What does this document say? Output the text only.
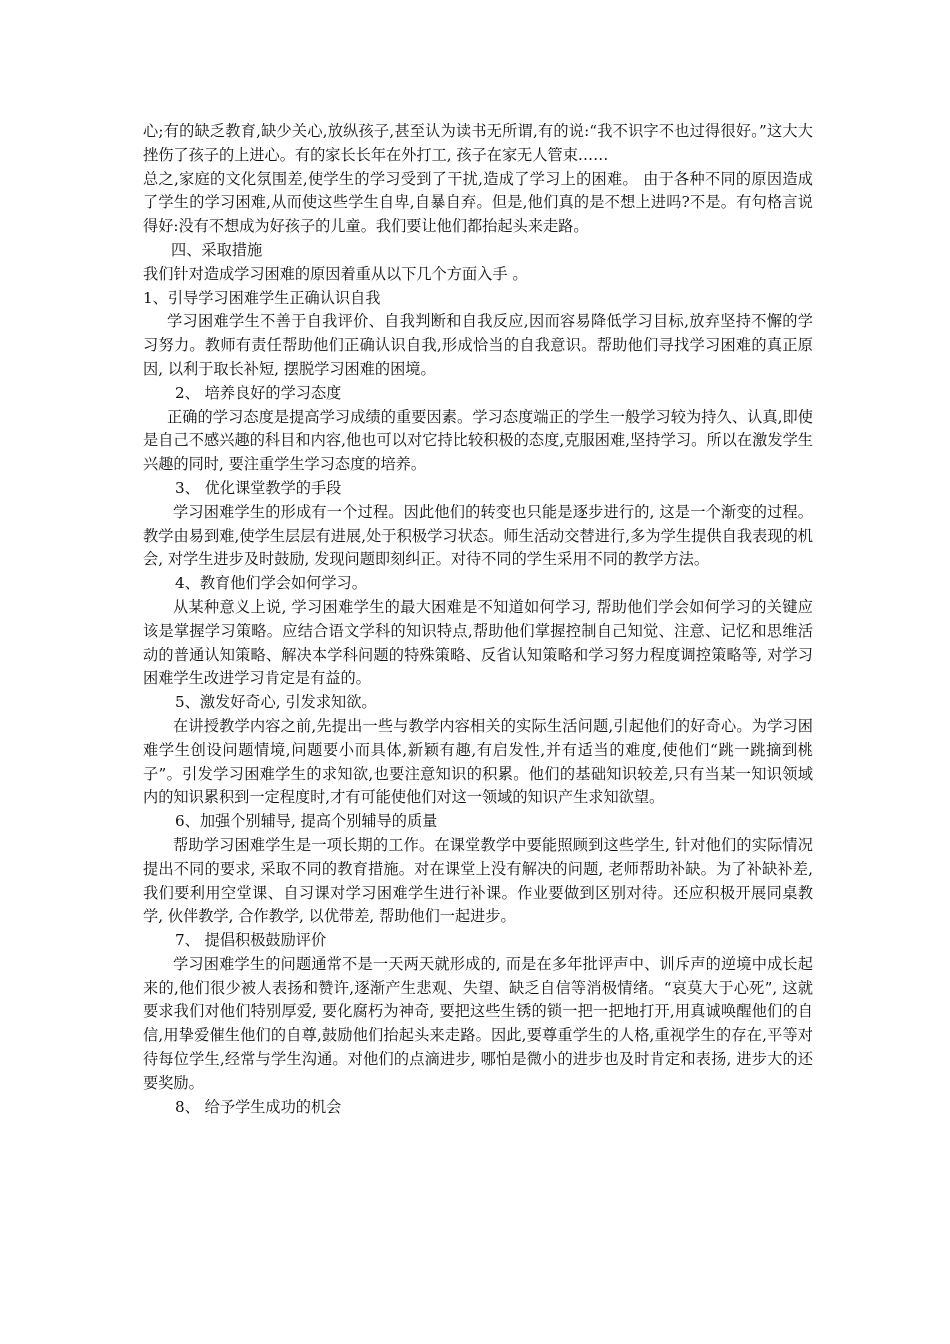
心;有的缺乏教育,缺少关心,放纵孩子,甚至认为读书无所谓,有的说:“我不识字不也过得很好。”这大大挫伤了孩子的上进心。有的家长长年在外打工, 孩子在家无人管束……

总之,家庭的文化氛围差,使学生的学习受到了干扰,造成了学习上的困难。 由于各种不同的原因造成了学生的学习困难,从而使这些学生自卑,自暴自弃。但是,他们真的是不想上进吗?不是。有句格言说得好:没有不想成为好孩子的儿童。我们要让他们都抬起头来走路。

四、采取措施

我们针对造成学习困难的原因着重从以下几个方面入手 。

1、引导学习困难学生正确认识自我

学习困难学生不善于自我评价、自我判断和自我反应,因而容易降低学习目标,放弃坚持不懈的学习努力。教师有责任帮助他们正确认识自我,形成恰当的自我意识。帮助他们寻找学习困难的真正原因, 以利于取长补短, 摆脱学习困难的困境。

2、 培养良好的学习态度

正确的学习态度是提高学习成绩的重要因素。学习态度端正的学生一般学习较为持久、认真,即使是自己不感兴趣的科目和内容,他也可以对它持比较积极的态度,克服困难,坚持学习。所以在激发学生兴趣的同时, 要注重学生学习态度的培养。

3、 优化课堂教学的手段

学习困难学生的形成有一个过程。因此他们的转变也只能是逐步进行的, 这是一个渐变的过程。教学由易到难,使学生层层有进展,处于积极学习状态。师生活动交替进行,多为学生提供自我表现的机会, 对学生进步及时鼓励, 发现问题即刻纠正。对待不同的学生采用不同的教学方法。

4、教育他们学会如何学习。

从某种意义上说, 学习困难学生的最大困难是不知道如何学习, 帮助他们学会如何学习的关键应该是掌握学习策略。应结合语文学科的知识特点,帮助他们掌握控制自己知觉、注意、记忆和思维活动的普通认知策略、解决本学科问题的特殊策略、反省认知策略和学习努力程度调控策略等, 对学习困难学生改进学习肯定是有益的。

5、激发好奇心, 引发求知欲。

在讲授教学内容之前,先提出一些与教学内容相关的实际生活问题,引起他们的好奇心。为学习困难学生创设问题情境,问题要小而具体,新颖有趣,有启发性,并有适当的难度,使他们“跳一跳摘到桃子”。引发学习困难学生的求知欲,也要注意知识的积累。他们的基础知识较差,只有当某一知识领域内的知识累积到一定程度时,才有可能使他们对这一领域的知识产生求知欲望。

6、加强个别辅导, 提高个别辅导的质量

帮助学习困难学生是一项长期的工作。在课堂教学中要能照顾到这些学生, 针对他们的实际情况提出不同的要求, 采取不同的教育措施。对在课堂上没有解决的问题, 老师帮助补缺。为了补缺补差,我们要利用空堂课、自习课对学习困难学生进行补课。作业要做到区别对待。还应积极开展同桌教学, 伙伴教学, 合作教学, 以优带差, 帮助他们一起进步。

7、 提倡积极鼓励评价

学习困难学生的问题通常不是一天两天就形成的, 而是在多年批评声中、训斥声的逆境中成长起来的,他们很少被人表扬和赞许,逐渐产生悲观、失望、缺乏自信等消极情绪。“哀莫大于心死”, 这就要求我们对他们特别厚爱, 要化腐朽为神奇, 要把这些生锈的锁一把一把地打开,用真诚唤醒他们的自信,用挚爱催生他们的自尊,鼓励他们抬起头来走路。因此,要尊重学生的人格,重视学生的存在,平等对待每位学生,经常与学生沟通。对他们的点滴进步, 哪怕是微小的进步也及时肯定和表扬, 进步大的还要奖励。

8、 给予学生成功的机会
